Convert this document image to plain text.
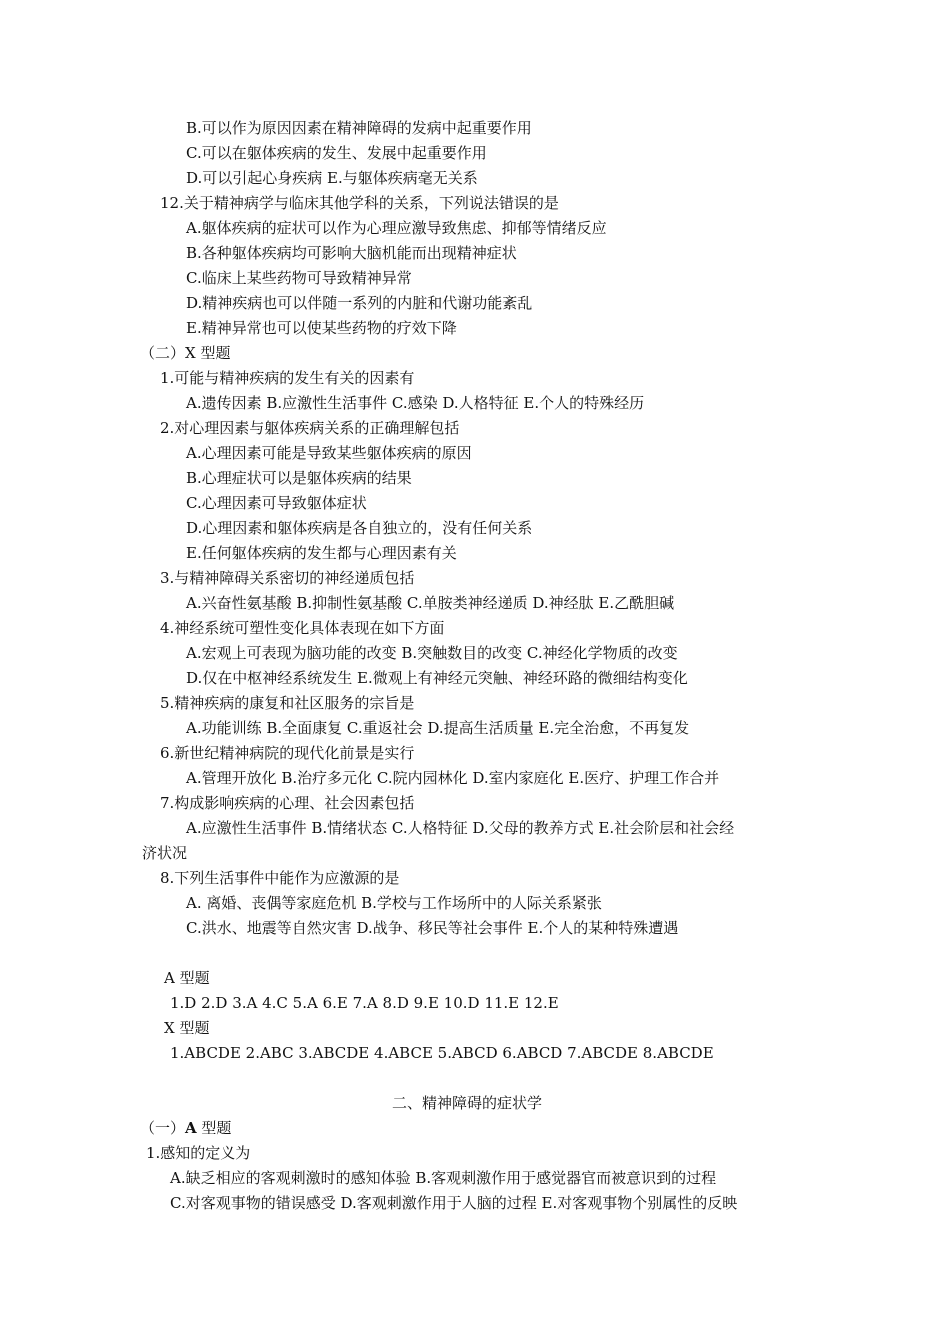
B.可以作为原因因素在精神障碍的发病中起重要作用
C.可以在躯体疾病的发生、发展中起重要作用
D.可以引起心身疾病 E.与躯体疾病毫无关系
12.关于精神病学与临床其他学科的关系，下列说法错误的是
A.躯体疾病的症状可以作为心理应激导致焦虑、抑郁等情绪反应
B.各种躯体疾病均可影响大脑机能而出现精神症状
C.临床上某些药物可导致精神异常
D.精神疾病也可以伴随一系列的内脏和代谢功能紊乱
E.精神异常也可以使某些药物的疗效下降
（二）X 型题
1.可能与精神疾病的发生有关的因素有
A.遗传因素 B.应激性生活事件 C.感染 D.人格特征 E.个人的特殊经历
2.对心理因素与躯体疾病关系的正确理解包括
A.心理因素可能是导致某些躯体疾病的原因
B.心理症状可以是躯体疾病的结果
C.心理因素可导致躯体症状
D.心理因素和躯体疾病是各自独立的，没有任何关系
E.任何躯体疾病的发生都与心理因素有关
3.与精神障碍关系密切的神经递质包括
A.兴奋性氨基酸 B.抑制性氨基酸 C.单胺类神经递质 D.神经肽 E.乙酰胆碱
4.神经系统可塑性变化具体表现在如下方面
A.宏观上可表现为脑功能的改变 B.突触数目的改变 C.神经化学物质的改变
D.仅在中枢神经系统发生 E.微观上有神经元突触、神经环路的微细结构变化
5.精神疾病的康复和社区服务的宗旨是
A.功能训练 B.全面康复 C.重返社会 D.提高生活质量 E.完全治愈，不再复发
6.新世纪精神病院的现代化前景是实行
A.管理开放化 B.治疗多元化 C.院内园林化 D.室内家庭化 E.医疗、护理工作合并
7.构成影响疾病的心理、社会因素包括
A.应激性生活事件 B.情绪状态 C.人格特征 D.父母的教养方式 E.社会阶层和社会经
济状况
8.下列生活事件中能作为应激源的是
A. 离婚、丧偶等家庭危机 B.学校与工作场所中的人际关系紧张
C.洪水、地震等自然灾害 D.战争、移民等社会事件 E.个人的某种特殊遭遇
A 型题
1.D 2.D 3.A 4.C 5.A 6.E 7.A 8.D 9.E 10.D 11.E 12.E
X 型题
1.ABCDE 2.ABC 3.ABCDE 4.ABCE 5.ABCD 6.ABCD 7.ABCDE 8.ABCDE
二、精神障碍的症状学
（一）A 型题
1.感知的定义为
A.缺乏相应的客观刺激时的感知体验 B.客观刺激作用于感觉器官而被意识到的过程
C.对客观事物的错误感受 D.客观刺激作用于人脑的过程 E.对客观事物个别属性的反映
